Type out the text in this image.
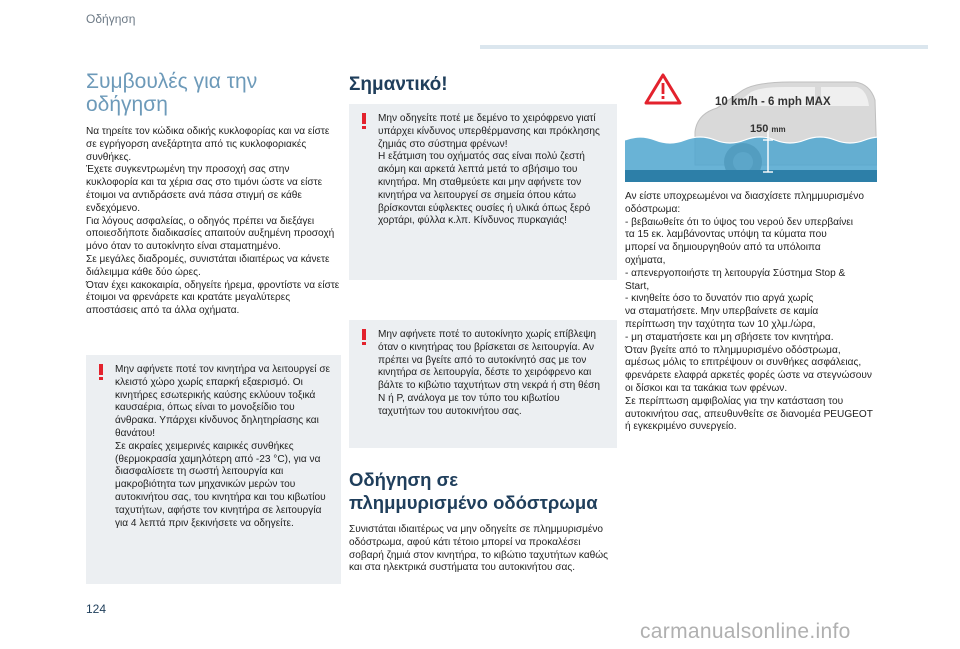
Οδήγηση
Συμβουλές για την
οδήγηση
Να τηρείτε τον κώδικα οδικής κυκλοφορίας και να είστε σε εγρήγορση ανεξάρτητα από τις κυκλοφοριακές συνθήκες.
Έχετε συγκεντρωμένη την προσοχή σας στην κυκλοφορία και τα χέρια σας στο τιμόνι ώστε να είστε έτοιμοι να αντιδράσετε ανά πάσα στιγμή σε κάθε ενδεχόμενο.
Για λόγους ασφαλείας, ο οδηγός πρέπει να διεξάγει οποιεσδήποτε διαδικασίες απαιτούν αυξημένη προσοχή μόνο όταν το αυτοκίνητο είναι σταματημένο.
Σε μεγάλες διαδρομές, συνιστάται ιδιαιτέρως να κάνετε διάλειμμα κάθε δύο ώρες.
Όταν έχει κακοκαιρία, οδηγείτε ήρεμα, φροντίστε να είστε έτοιμοι να φρενάρετε και κρατάτε μεγαλύτερες αποστάσεις από τα άλλα οχήματα.
Μην αφήνετε ποτέ τον κινητήρα να λειτουργεί σε κλειστό χώρο χωρίς επαρκή εξαερισμό. Οι κινητήρες εσωτερικής καύσης εκλύουν τοξικά καυσαέρια, όπως είναι το μονοξείδιο του άνθρακα. Υπάρχει κίνδυνος δηλητηρίασης και θανάτου!
Σε ακραίες χειμερινές καιρικές συνθήκες (θερμοκρασία χαμηλότερη από -23 °C), για να διασφαλίσετε τη σωστή λειτουργία και μακροβιότητα των μηχανικών μερών του αυτοκινήτου σας, του κινητήρα και του κιβωτίου ταχυτήτων, αφήστε τον κινητήρα σε λειτουργία για 4 λεπτά πριν ξεκινήσετε να οδηγείτε.
Σημαντικό!
Μην οδηγείτε ποτέ με δεμένο το χειρόφρενο γιατί υπάρχει κίνδυνος υπερθέρμανσης και πρόκλησης ζημιάς στο σύστημα φρένων!
Η εξάτμιση του οχήματός σας είναι πολύ ζεστή ακόμη και αρκετά λεπτά μετά το σβήσιμο του κινητήρα. Μη σταθμεύετε και μην αφήνετε τον κινητήρα να λειτουργεί σε σημεία όπου κάτω βρίσκονται εύφλεκτες ουσίες ή υλικά όπως ξερό χορτάρι, φύλλα κ.λπ. Κίνδυνος πυρκαγιάς!
Μην αφήνετε ποτέ το αυτοκίνητο χωρίς επίβλεψη όταν ο κινητήρας του βρίσκεται σε λειτουργία. Αν πρέπει να βγείτε από το αυτοκίνητό σας με τον κινητήρα σε λειτουργία, δέστε το χειρόφρενο και βάλτε το κιβώτιο ταχυτήτων στη νεκρά ή στη θέση N ή P, ανάλογα με τον τύπο του κιβωτίου ταχυτήτων του αυτοκινήτου σας.
Οδήγηση σε
πλημμυρισμένο οδόστρωμα
Συνιστάται ιδιαιτέρως να μην οδηγείτε σε πλημμυρισμένο οδόστρωμα, αφού κάτι τέτοιο μπορεί να προκαλέσει σοβαρή ζημιά στον κινητήρα, το κιβώτιο ταχυτήτων καθώς και στα ηλεκτρικά συστήματα του αυτοκινήτου σας.
10 km/h - 6 mph MAX
150 mm
Αν είστε υποχρεωμένοι να διασχίσετε πλημμυρισμένο οδόστρωμα:
- βεβαιωθείτε ότι το ύψος του νερού δεν υπερβαίνει
τα 15 εκ. λαμβάνοντας υπόψη τα κύματα που
μπορεί να δημιουργηθούν από τα υπόλοιπα
οχήματα,
- απενεργοποιήστε τη λειτουργία Σύστημα Stop &
Start,
- κινηθείτε όσο το δυνατόν πιο αργά χωρίς
να σταματήσετε. Μην υπερβαίνετε σε καμία
περίπτωση την ταχύτητα των 10 χλμ./ώρα,
- μη σταματήσετε και μη σβήσετε τον κινητήρα.
Όταν βγείτε από το πλημμυρισμένο οδόστρωμα, αμέσως μόλις το επιτρέψουν οι συνθήκες ασφάλειας, φρενάρετε ελαφρά αρκετές φορές ώστε να στεγνώσουν οι δίσκοι και τα τακάκια των φρένων.
Σε περίπτωση αμφιβολίας για την κατάσταση του αυτοκινήτου σας, απευθυνθείτε σε διανομέα PEUGEOT ή εγκεκριμένο συνεργείο.
124
carmanualsonline.info
